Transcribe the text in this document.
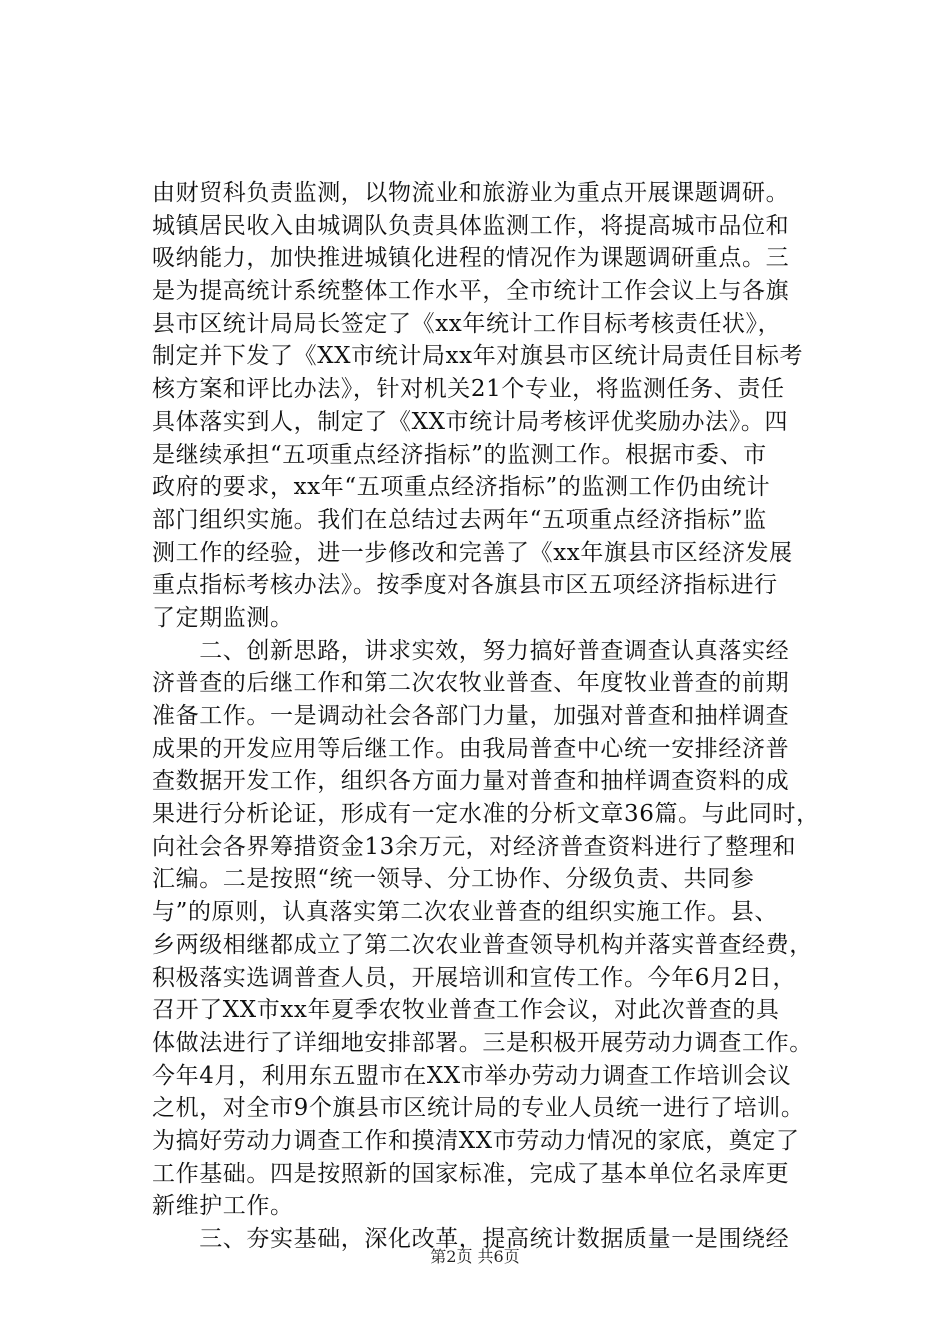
由财贸科负责监测，以物流业和旅游业为重点开展课题调研。
城镇居民收入由城调队负责具体监测工作，将提高城市品位和
吸纳能力，加快推进城镇化进程的情况作为课题调研重点。三
是为提高统计系统整体工作水平，全市统计工作会议上与各旗
县市区统计局局长签定了《xx年统计工作目标考核责任状》，
制定并下发了《XX市统计局xx年对旗县市区统计局责任目标考
核方案和评比办法》，针对机关21个专业，将监测任务、责任
具体落实到人，制定了《XX市统计局考核评优奖励办法》。四
是继续承担“五项重点经济指标”的监测工作。根据市委、市
政府的要求，xx年“五项重点经济指标”的监测工作仍由统计
部门组织实施。我们在总结过去两年“五项重点经济指标”监
测工作的经验，进一步修改和完善了《xx年旗县市区经济发展
重点指标考核办法》。按季度对各旗县市区五项经济指标进行
了定期监测。
　　二、创新思路，讲求实效，努力搞好普查调查认真落实经
济普查的后继工作和第二次农牧业普查、年度牧业普查的前期
准备工作。一是调动社会各部门力量，加强对普查和抽样调查
成果的开发应用等后继工作。由我局普查中心统一安排经济普
查数据开发工作，组织各方面力量对普查和抽样调查资料的成
果进行分析论证，形成有一定水准的分析文章36篇。与此同时，
向社会各界筹措资金13余万元，对经济普查资料进行了整理和
汇编。二是按照“统一领导、分工协作、分级负责、共同参
与”的原则，认真落实第二次农业普查的组织实施工作。县、
乡两级相继都成立了第二次农业普查领导机构并落实普查经费，
积极落实选调普查人员，开展培训和宣传工作。今年6月2日，
召开了XX市xx年夏季农牧业普查工作会议，对此次普查的具
体做法进行了详细地安排部署。三是积极开展劳动力调查工作。
今年4月，利用东五盟市在XX市举办劳动力调查工作培训会议
之机，对全市9个旗县市区统计局的专业人员统一进行了培训。
为搞好劳动力调查工作和摸清XX市劳动力情况的家底，奠定了
工作基础。四是按照新的国家标准，完成了基本单位名录库更
新维护工作。
　　三、夯实基础，深化改革，提高统计数据质量一是围绕经
第2页 共6页
